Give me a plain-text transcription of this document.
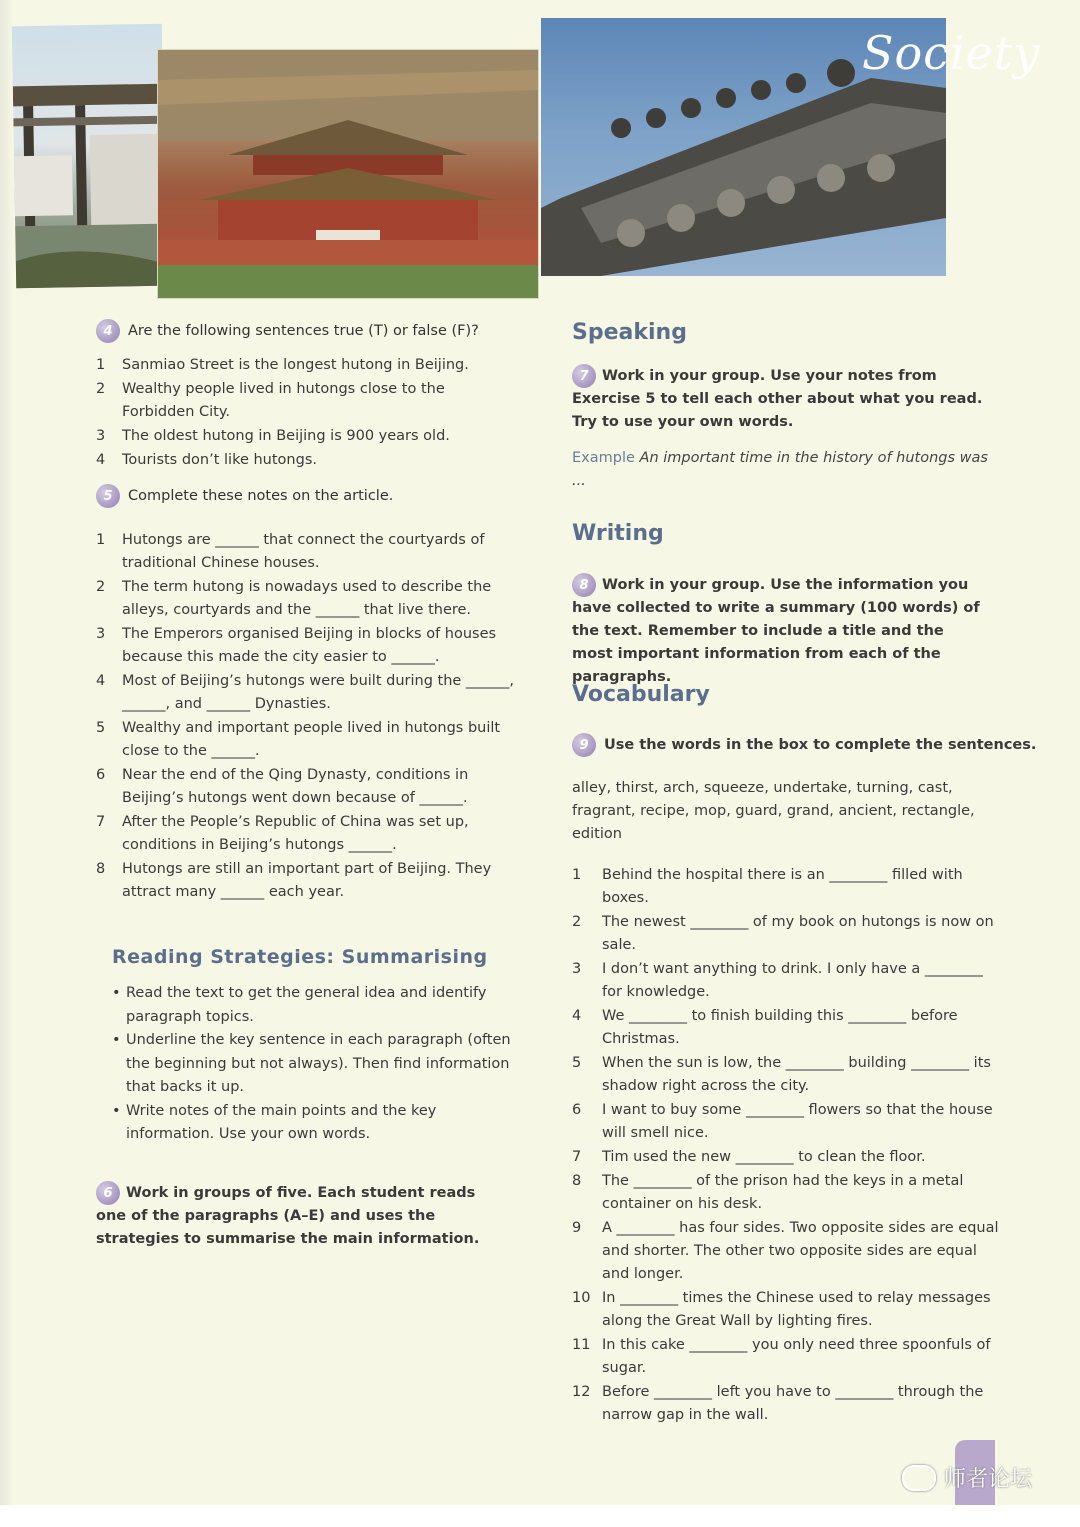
Society
4	Are the following sentences true (T) or false (F)?
1	Sanmiao Street is the longest hutong in Beijing.
2	Wealthy people lived in hutongs close to the Forbidden City.
3	The oldest hutong in Beijing is 900 years old.
4	Tourists don’t like hutongs.
5	Complete these notes on the article.
1	Hutongs are ______ that connect the courtyards of traditional Chinese houses.
2	The term hutong is nowadays used to describe the alleys, courtyards and the ______ that live there.
3	The Emperors organised Beijing in blocks of houses because this made the city easier to ______.
4	Most of Beijing’s hutongs were built during the ______, ______, and ______ Dynasties.
5	Wealthy and important people lived in hutongs built close to the ______.
6	Near the end of the Qing Dynasty, conditions in Beijing’s hutongs went down because of ______.
7	After the People’s Republic of China was set up, conditions in Beijing’s hutongs ______.
8	Hutongs are still an important part of Beijing. They attract many ______ each year.
Reading Strategies: Summarising
• Read the text to get the general idea and identify paragraph topics.
• Underline the key sentence in each paragraph (often the beginning but not always). Then find information that backs it up.
• Write notes of the main points and the key information. Use your own words.
6 Work in groups of five. Each student reads one of the paragraphs (A–E) and uses the strategies to summarise the main information.
Speaking
7 Work in your group. Use your notes from Exercise 5 to tell each other about what you read. Try to use your own words.
Example An important time in the history of hutongs was ...
Writing
8 Work in your group. Use the information you have collected to write a summary (100 words) of the text. Remember to include a title and the most important information from each of the paragraphs.
Vocabulary
9	Use the words in the box to complete the sentences.
alley, thirst, arch, squeeze, undertake, turning, cast, fragrant, recipe, mop, guard, grand, ancient, rectangle, edition
1	Behind the hospital there is an ________ filled with boxes.
2	The newest ________ of my book on hutongs is now on sale.
3	I don’t want anything to drink. I only have a ________ for knowledge.
4	We ________ to finish building this ________ before Christmas.
5	When the sun is low, the ________ building ________ its shadow right across the city.
6	I want to buy some ________ flowers so that the house will smell nice.
7	Tim used the new ________ to clean the floor.
8	The ________ of the prison had the keys in a metal container on his desk.
9	A ________ has four sides. Two opposite sides are equal and shorter. The other two opposite sides are equal and longer.
10 In ________ times the Chinese used to relay messages along the Great Wall by lighting fires.
11 In this cake ________ you only need three spoonfuls of sugar.
12 Before ________ left you have to ________ through the narrow gap in the wall.
师者论坛
